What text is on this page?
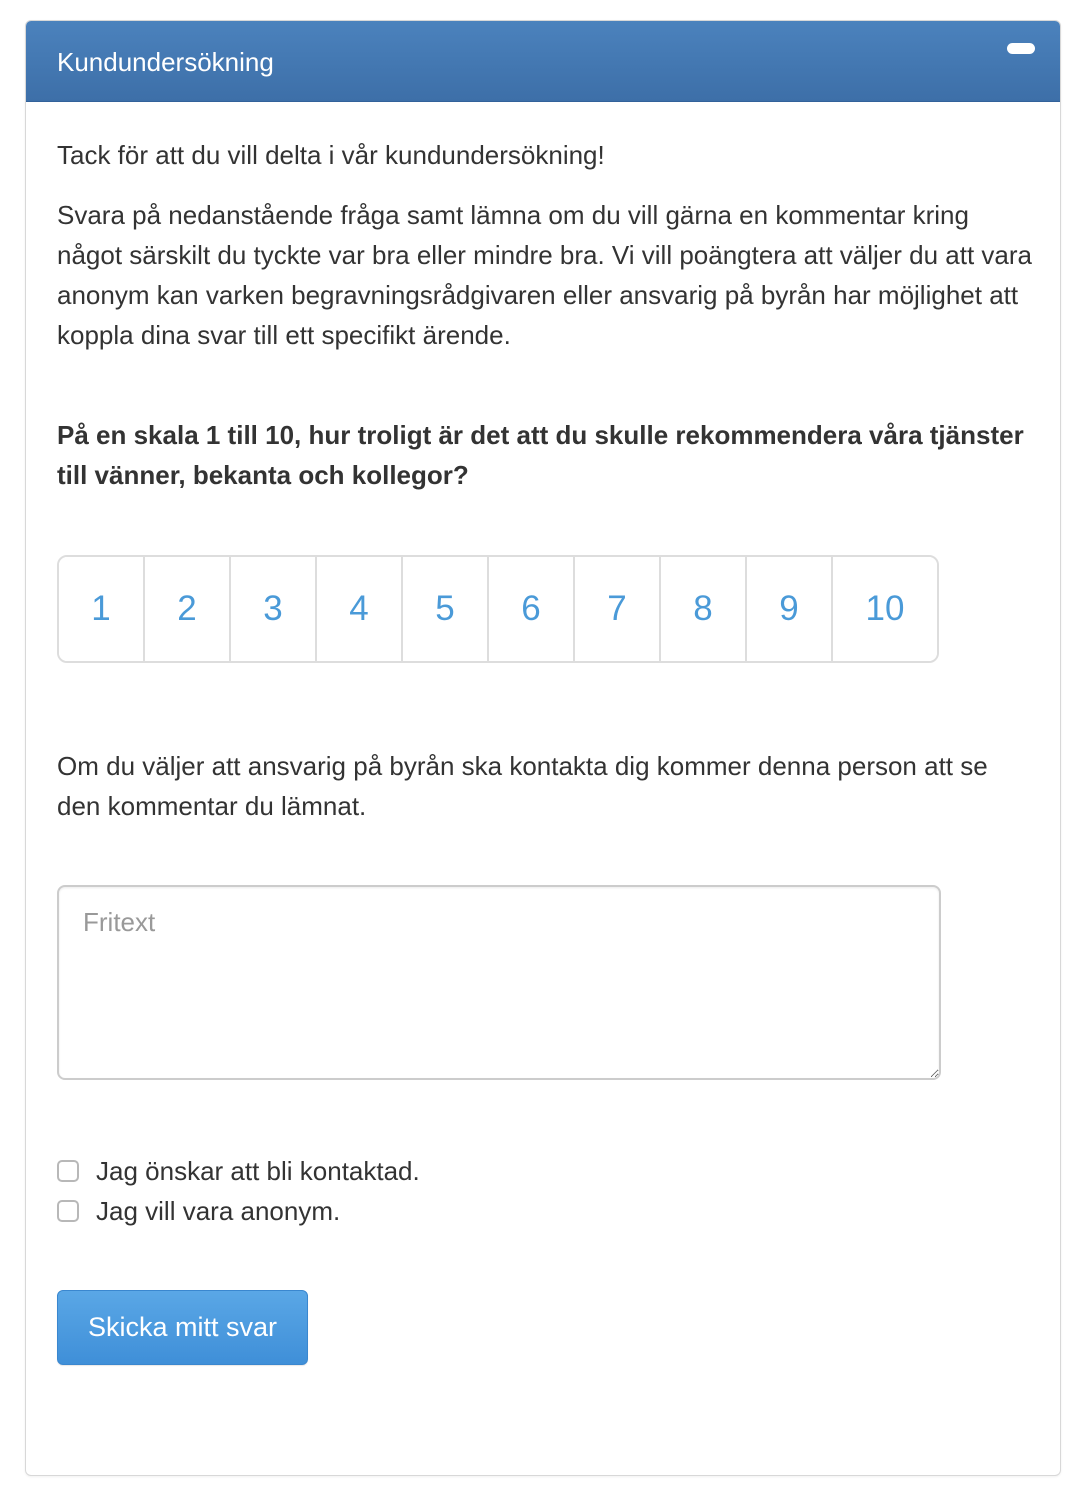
Kundundersökning

Tack för att du vill delta i vår kundundersökning!

Svara på nedanstående fråga samt lämna om du vill gärna en kommentar kring något särskilt du tyckte var bra eller mindre bra. Vi vill poängtera att väljer du att vara anonym kan varken begravningsrådgivaren eller ansvarig på byrån har möjlighet att koppla dina svar till ett specifikt ärende.

På en skala 1 till 10, hur troligt är det att du skulle rekommendera våra tjänster till vänner, bekanta och kollegor?

1	2	3	4	5	6	7	8	9	10

Om du väljer att ansvarig på byrån ska kontakta dig kommer denna person att se den kommentar du lämnat.

Fritext
Jag önskar att bli kontaktad.
Jag vill vara anonym.
Skicka mitt svar
